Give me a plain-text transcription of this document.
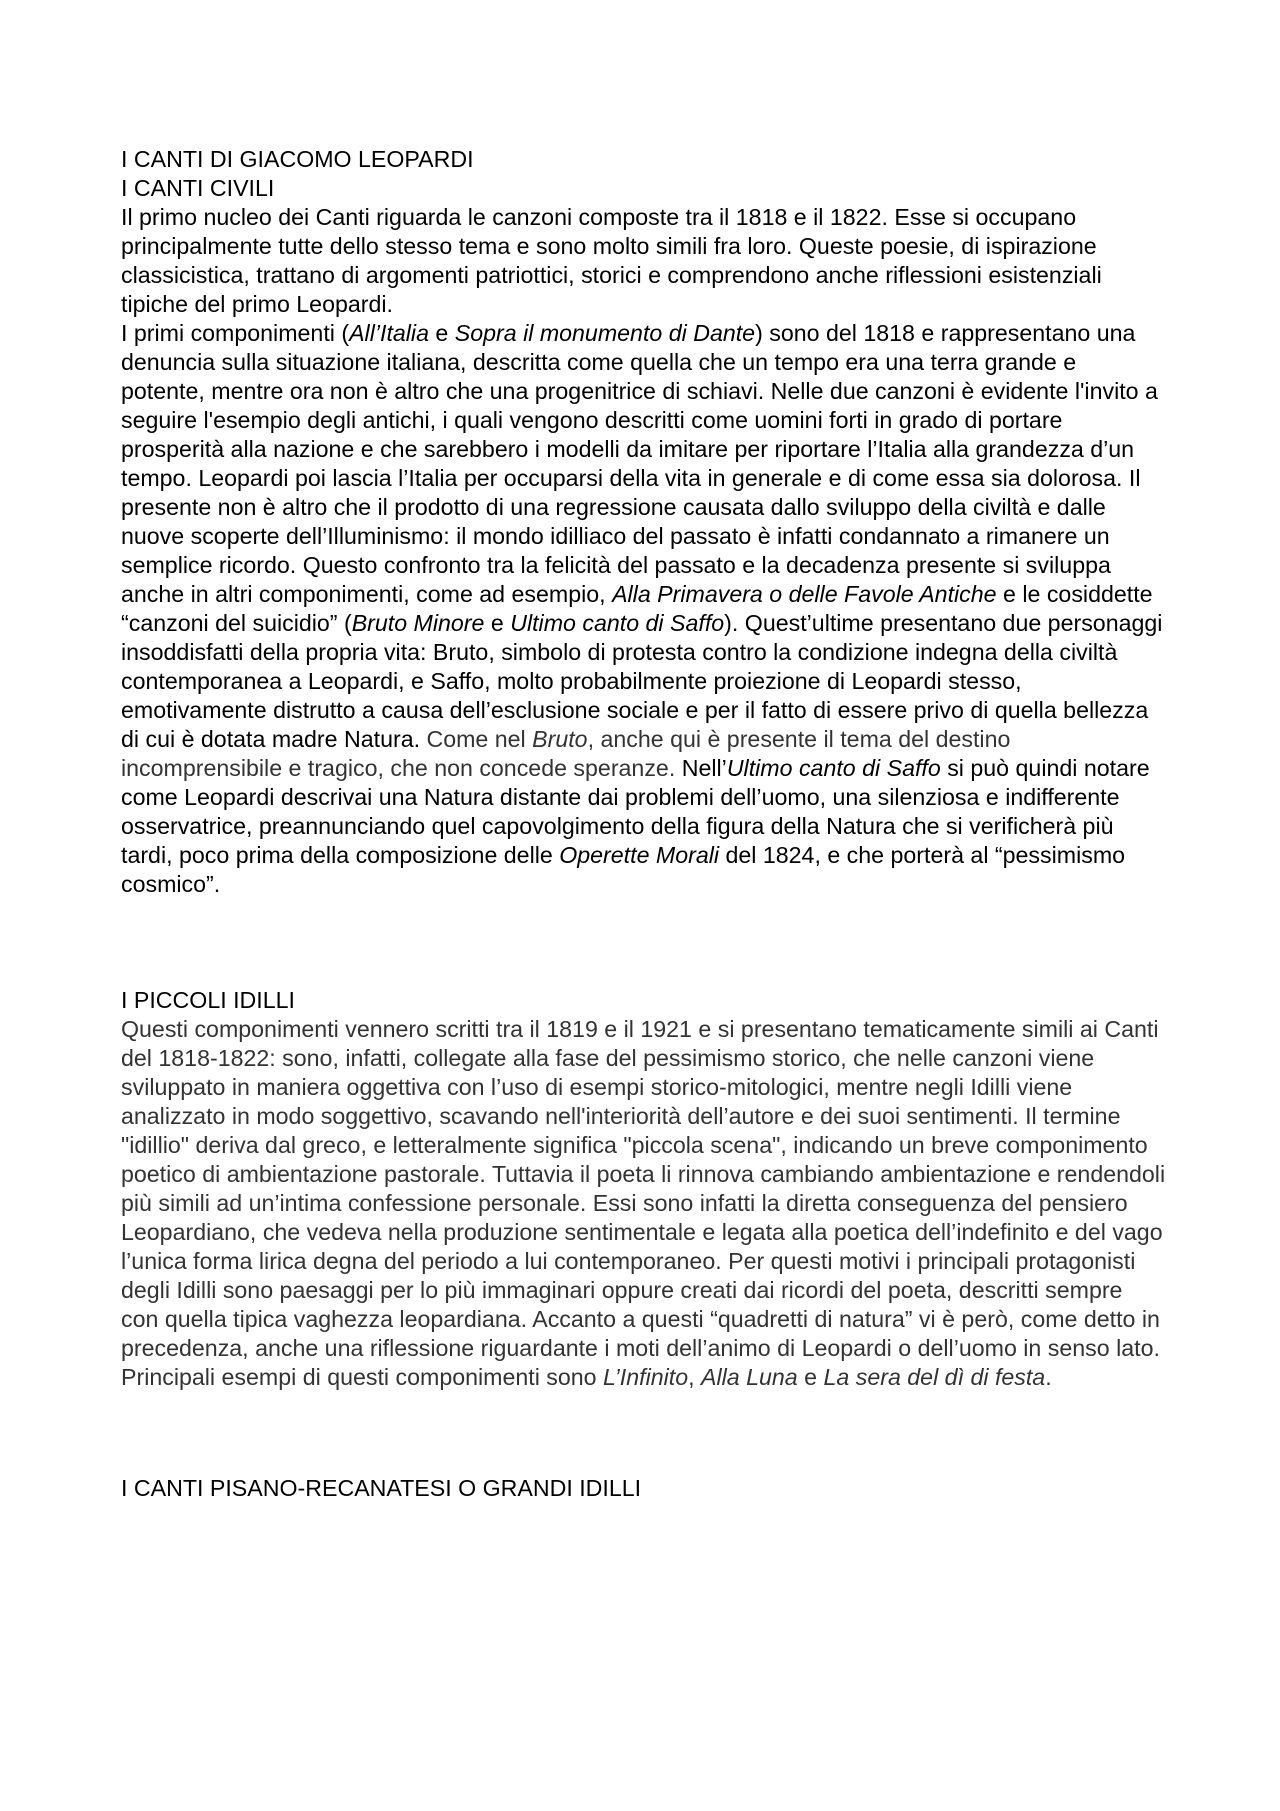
I CANTI DI GIACOMO LEOPARDI

I CANTI CIVILI

Il primo nucleo dei Canti riguarda le canzoni composte tra il 1818 e il 1822. Esse si occupano principalmente tutte dello stesso tema e sono molto simili fra loro. Queste poesie, di ispirazione classicistica, trattano di argomenti patriottici, storici e comprendono anche riflessioni esistenziali tipiche del primo Leopardi.

I primi componimenti (All’Italia e Sopra il monumento di Dante) sono del 1818 e rappresentano una denuncia sulla situazione italiana, descritta come quella che un tempo era una terra grande e potente, mentre ora non è altro che una progenitrice di schiavi. Nelle due canzoni è evidente l'invito a seguire l'esempio degli antichi, i quali vengono descritti come uomini forti in grado di portare prosperità alla nazione e che sarebbero i modelli da imitare per riportare l’Italia alla grandezza d’un tempo. Leopardi poi lascia l’Italia per occuparsi della vita in generale e di come essa sia dolorosa. Il presente non è altro che il prodotto di una regressione causata dallo sviluppo della civiltà e dalle nuove scoperte dell’Illuminismo: il mondo idilliaco del passato è infatti condannato a rimanere un semplice ricordo. Questo confronto tra la felicità del passato e la decadenza presente si sviluppa anche in altri componimenti, come ad esempio, Alla Primavera o delle Favole Antiche e le cosiddette “canzoni del suicidio” (Bruto Minore e Ultimo canto di Saffo). Quest’ultime presentano due personaggi insoddisfatti della propria vita: Bruto, simbolo di protesta contro la condizione indegna della civiltà contemporanea a Leopardi, e Saffo, molto probabilmente proiezione di Leopardi stesso, emotivamente distrutto a causa dell’esclusione sociale e per il fatto di essere privo di quella bellezza di cui è dotata madre Natura. Come nel Bruto, anche qui è presente il tema del destino incomprensibile e tragico, che non concede speranze. Nell’Ultimo canto di Saffo si può quindi notare come Leopardi descrivai una Natura distante dai problemi dell’uomo, una silenziosa e indifferente osservatrice, preannunciando quel capovolgimento della figura della Natura che si verificherà più tardi, poco prima della composizione delle Operette Morali del 1824, e che porterà al “pessimismo cosmico”.

I PICCOLI IDILLI

Questi componimenti vennero scritti tra il 1819 e il 1921 e si presentano tematicamente simili ai Canti del 1818-1822: sono, infatti, collegate alla fase del pessimismo storico, che nelle canzoni viene sviluppato in maniera oggettiva con l’uso di esempi storico-mitologici, mentre negli Idilli viene analizzato in modo soggettivo, scavando nell'interiorità dell’autore e dei suoi sentimenti. Il termine "idillio" deriva dal greco, e letteralmente significa "piccola scena", indicando un breve componimento poetico di ambientazione pastorale. Tuttavia il poeta li rinnova cambiando ambientazione e rendendoli più simili ad un’intima confessione personale. Essi sono infatti la diretta conseguenza del pensiero Leopardiano, che vedeva nella produzione sentimentale e legata alla poetica dell’indefinito e del vago l’unica forma lirica degna del periodo a lui contemporaneo. Per questi motivi i principali protagonisti degli Idilli sono paesaggi per lo più immaginari oppure creati dai ricordi del poeta, descritti sempre con quella tipica vaghezza leopardiana. Accanto a questi “quadretti di natura” vi è però, come detto in precedenza, anche una riflessione riguardante i moti dell’animo di Leopardi o dell’uomo in senso lato. Principali esempi di questi componimenti sono L’Infinito, Alla Luna e La sera del dì di festa.

I CANTI PISANO-RECANATESI O GRANDI IDILLI
